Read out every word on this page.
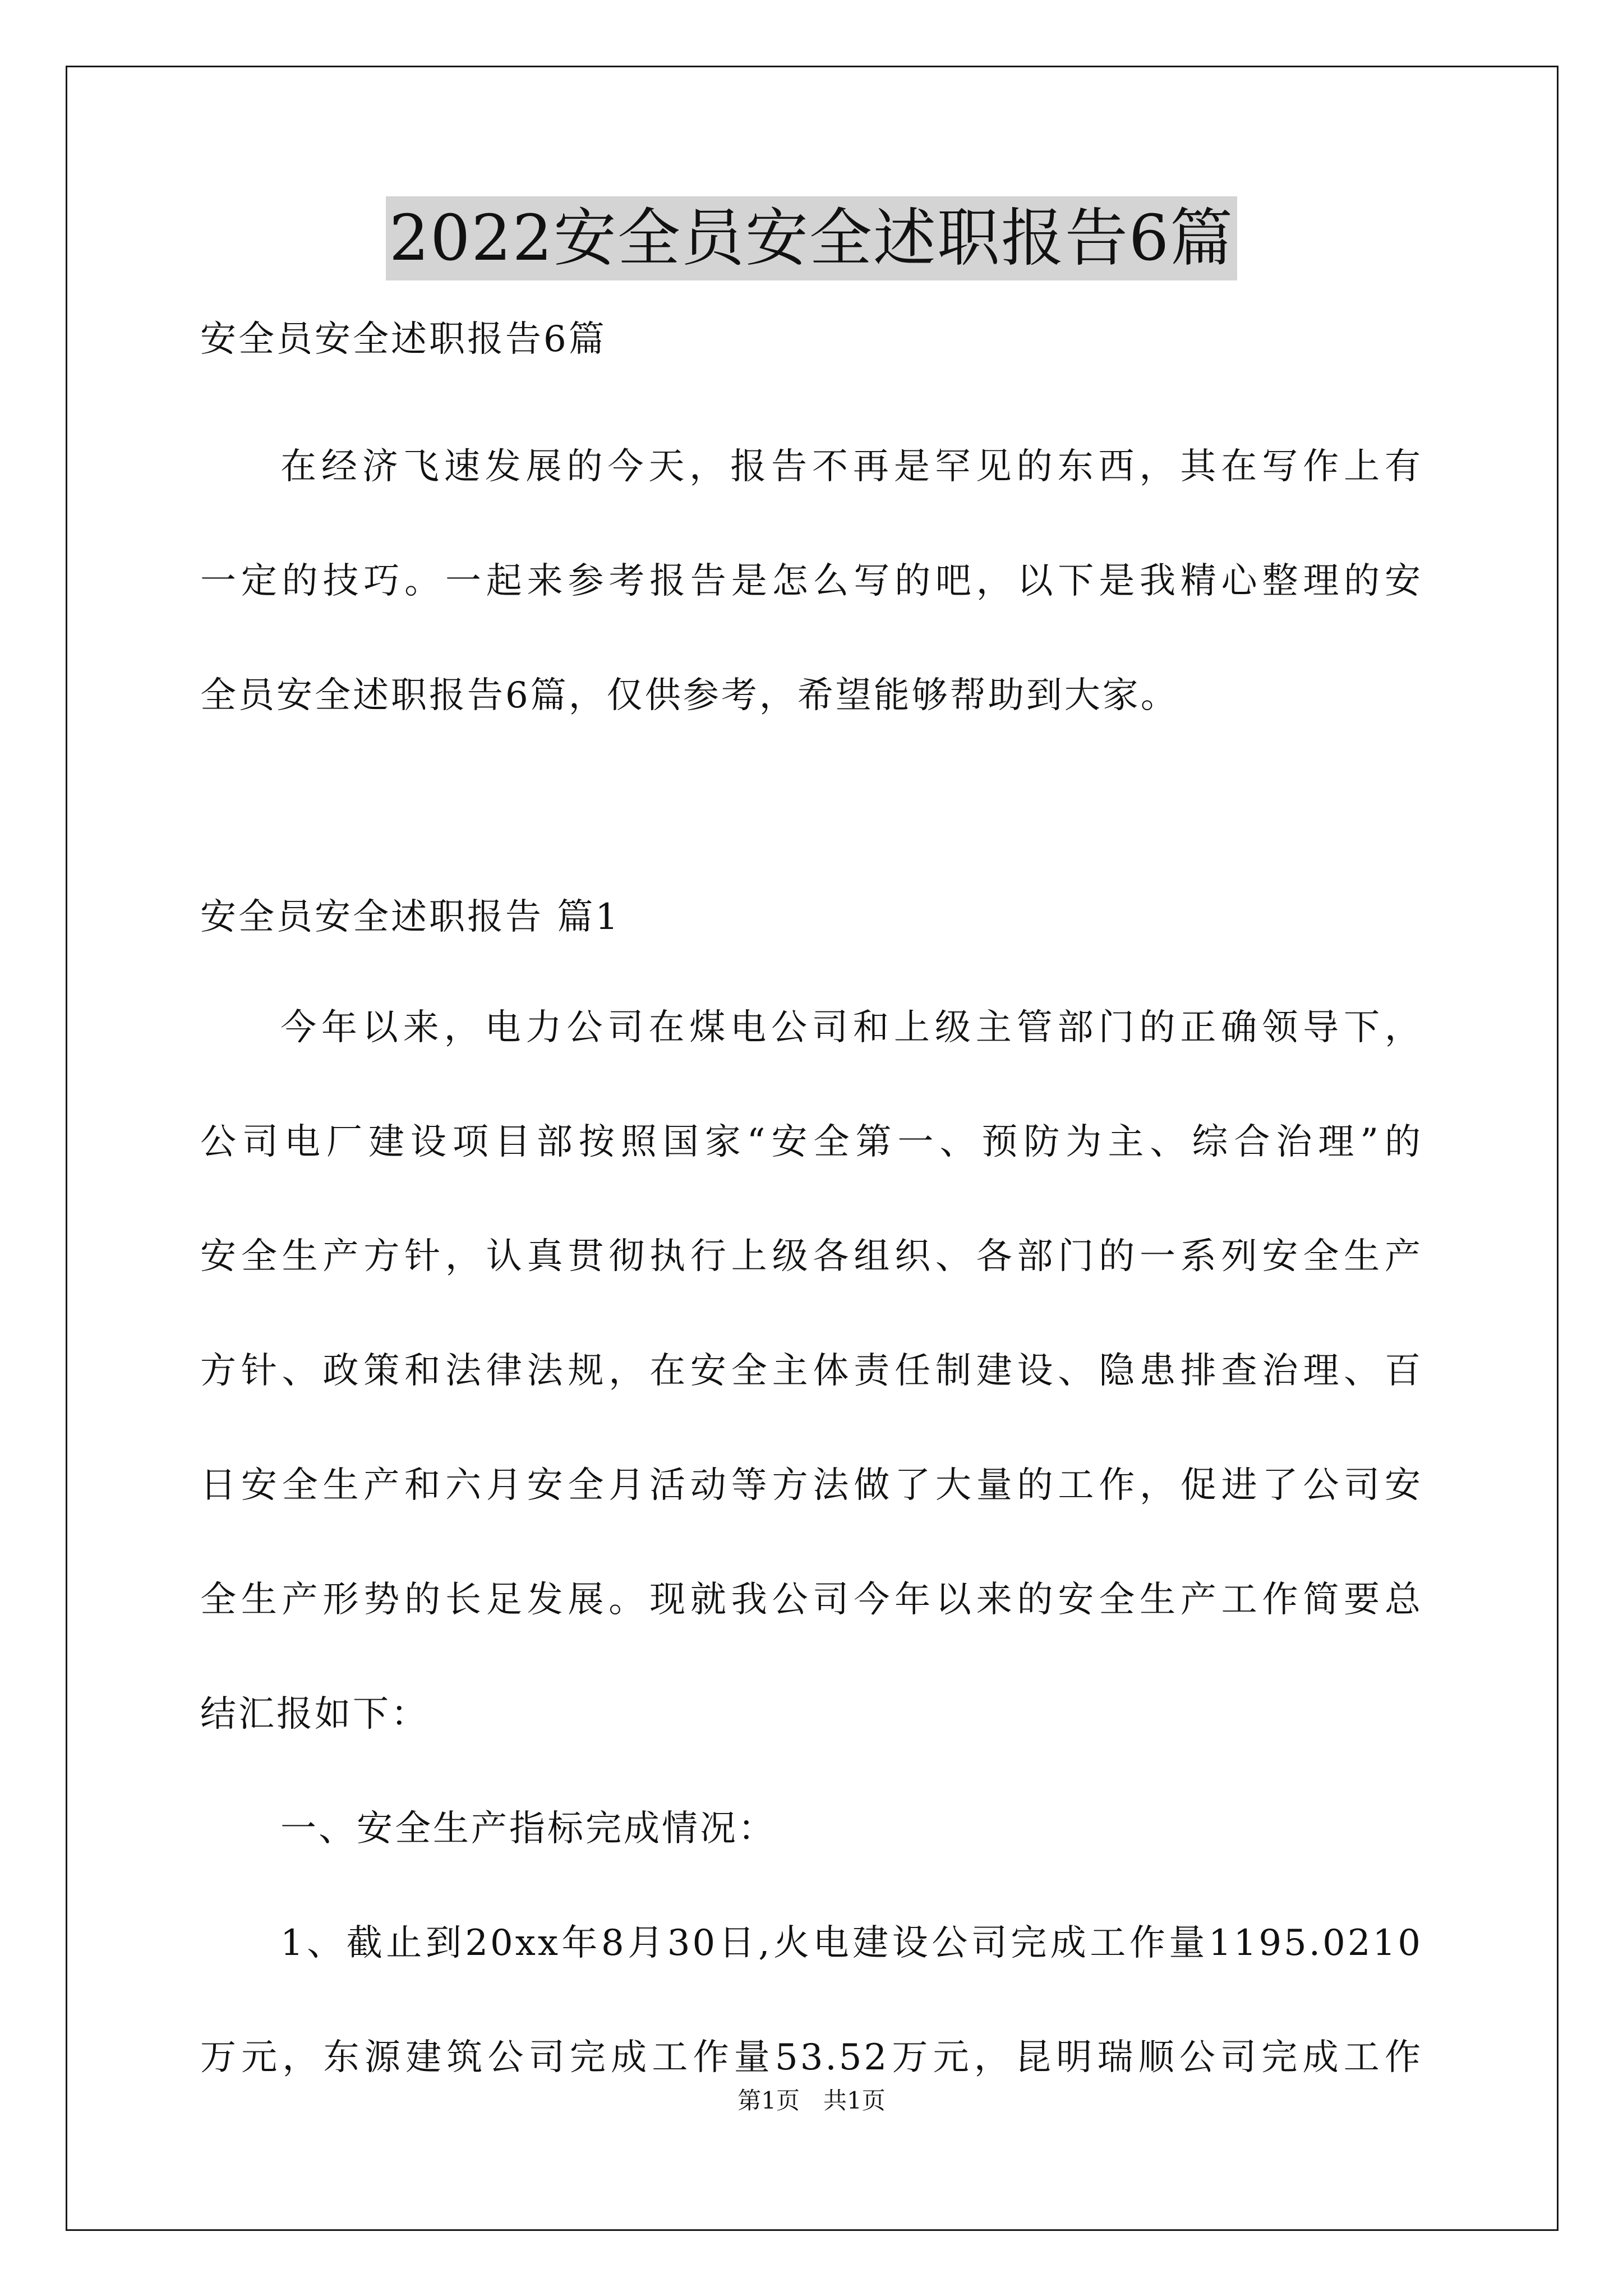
2022安全员安全述职报告6篇
安全员安全述职报告6篇
在经济飞速发展的今天，报告不再是罕见的东西，其在写作上有
一定的技巧。一起来参考报告是怎么写的吧，以下是我精心整理的安
全员安全述职报告6篇，仅供参考，希望能够帮助到大家。
安全员安全述职报告 篇1
今年以来，电力公司在煤电公司和上级主管部门的正确领导下，
公司电厂建设项目部按照国家“安全第一、预防为主、综合治理”的
安全生产方针，认真贯彻执行上级各组织、各部门的一系列安全生产
方针、政策和法律法规，在安全主体责任制建设、隐患排查治理、百
日安全生产和六月安全月活动等方法做了大量的工作，促进了公司安
全生产形势的长足发展。现就我公司今年以来的安全生产工作简要总
结汇报如下：
一、安全生产指标完成情况：
1、截止到20xx年8月30日,火电建设公司完成工作量1195.0210
万元，东源建筑公司完成工作量53.52万元，昆明瑞顺公司完成工作
第1页　共1页
